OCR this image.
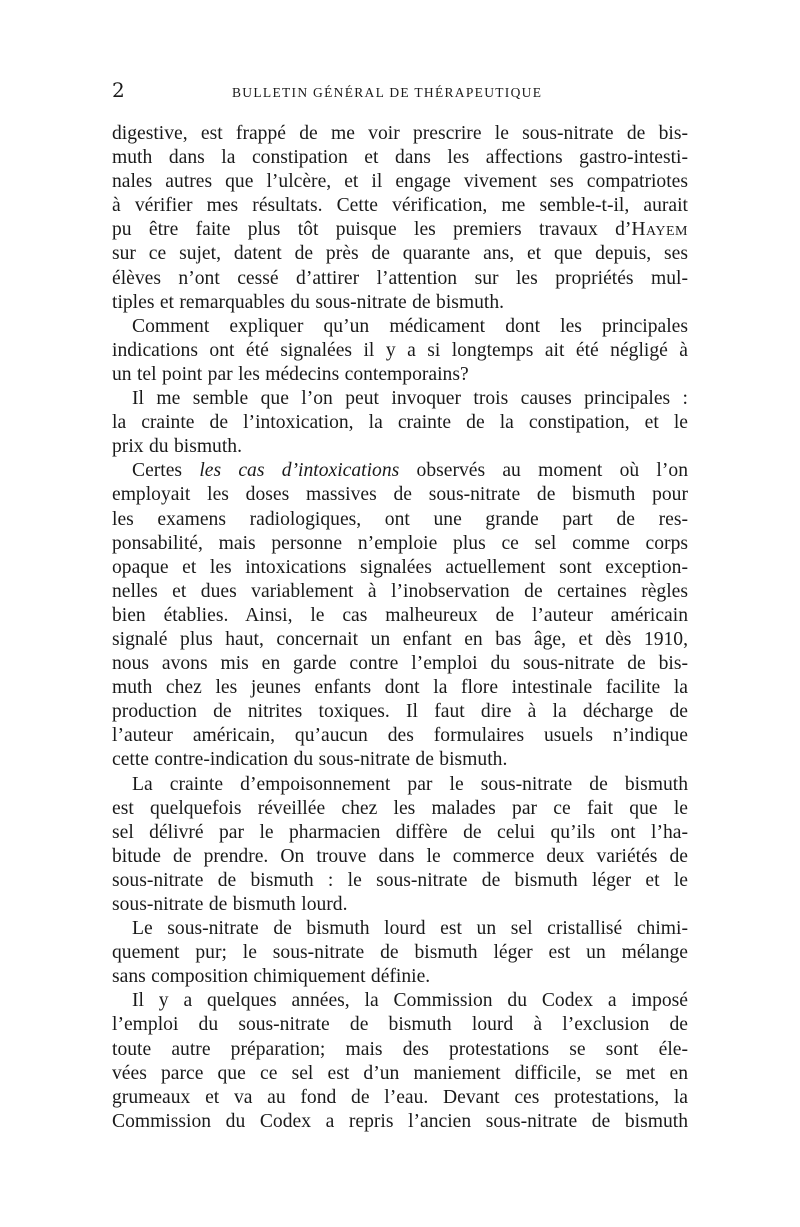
2	BULLETIN GÉNÉRAL DE THÉRAPEUTIQUE
digestive, est frappé de me voir prescrire le sous-nitrate de bis-
muth dans la constipation et dans les affections gastro-intesti-
nales autres que l’ulcère, et il engage vivement ses compatriotes
à vérifier mes résultats. Cette vérification, me semble-t-il, aurait
pu être faite plus tôt puisque les premiers travaux d’Hayem
sur ce sujet, datent de près de quarante ans, et que depuis, ses
élèves n’ont cessé d’attirer l’attention sur les propriétés mul-
tiples et remarquables du sous-nitrate de bismuth.
Comment expliquer qu’un médicament dont les principales
indications ont été signalées il y a si longtemps ait été négligé à
un tel point par les médecins contemporains?
Il me semble que l’on peut invoquer trois causes principales :
la crainte de l’intoxication, la crainte de la constipation, et le
prix du bismuth.
Certes les cas d’intoxications observés au moment où l’on
employait les doses massives de sous-nitrate de bismuth pour
les examens radiologiques, ont une grande part de res-
ponsabilité, mais personne n’emploie plus ce sel comme corps
opaque et les intoxications signalées actuellement sont exception-
nelles et dues variablement à l’inobservation de certaines règles
bien établies. Ainsi, le cas malheureux de l’auteur américain
signalé plus haut, concernait un enfant en bas âge, et dès 1910,
nous avons mis en garde contre l’emploi du sous-nitrate de bis-
muth chez les jeunes enfants dont la flore intestinale facilite la
production de nitrites toxiques. Il faut dire à la décharge de
l’auteur américain, qu’aucun des formulaires usuels n’indique
cette contre-indication du sous-nitrate de bismuth.
La crainte d’empoisonnement par le sous-nitrate de bismuth
est quelquefois réveillée chez les malades par ce fait que le
sel délivré par le pharmacien diffère de celui qu’ils ont l’ha-
bitude de prendre. On trouve dans le commerce deux variétés de
sous-nitrate de bismuth : le sous-nitrate de bismuth léger et le
sous-nitrate de bismuth lourd.
Le sous-nitrate de bismuth lourd est un sel cristallisé chimi-
quement pur; le sous-nitrate de bismuth léger est un mélange
sans composition chimiquement définie.
Il y a quelques années, la Commission du Codex a imposé
l’emploi du sous-nitrate de bismuth lourd à l’exclusion de
toute autre préparation; mais des protestations se sont éle-
vées parce que ce sel est d’un maniement difficile, se met en
grumeaux et va au fond de l’eau. Devant ces protestations, la
Commission du Codex a repris l’ancien sous-nitrate de bismuth
